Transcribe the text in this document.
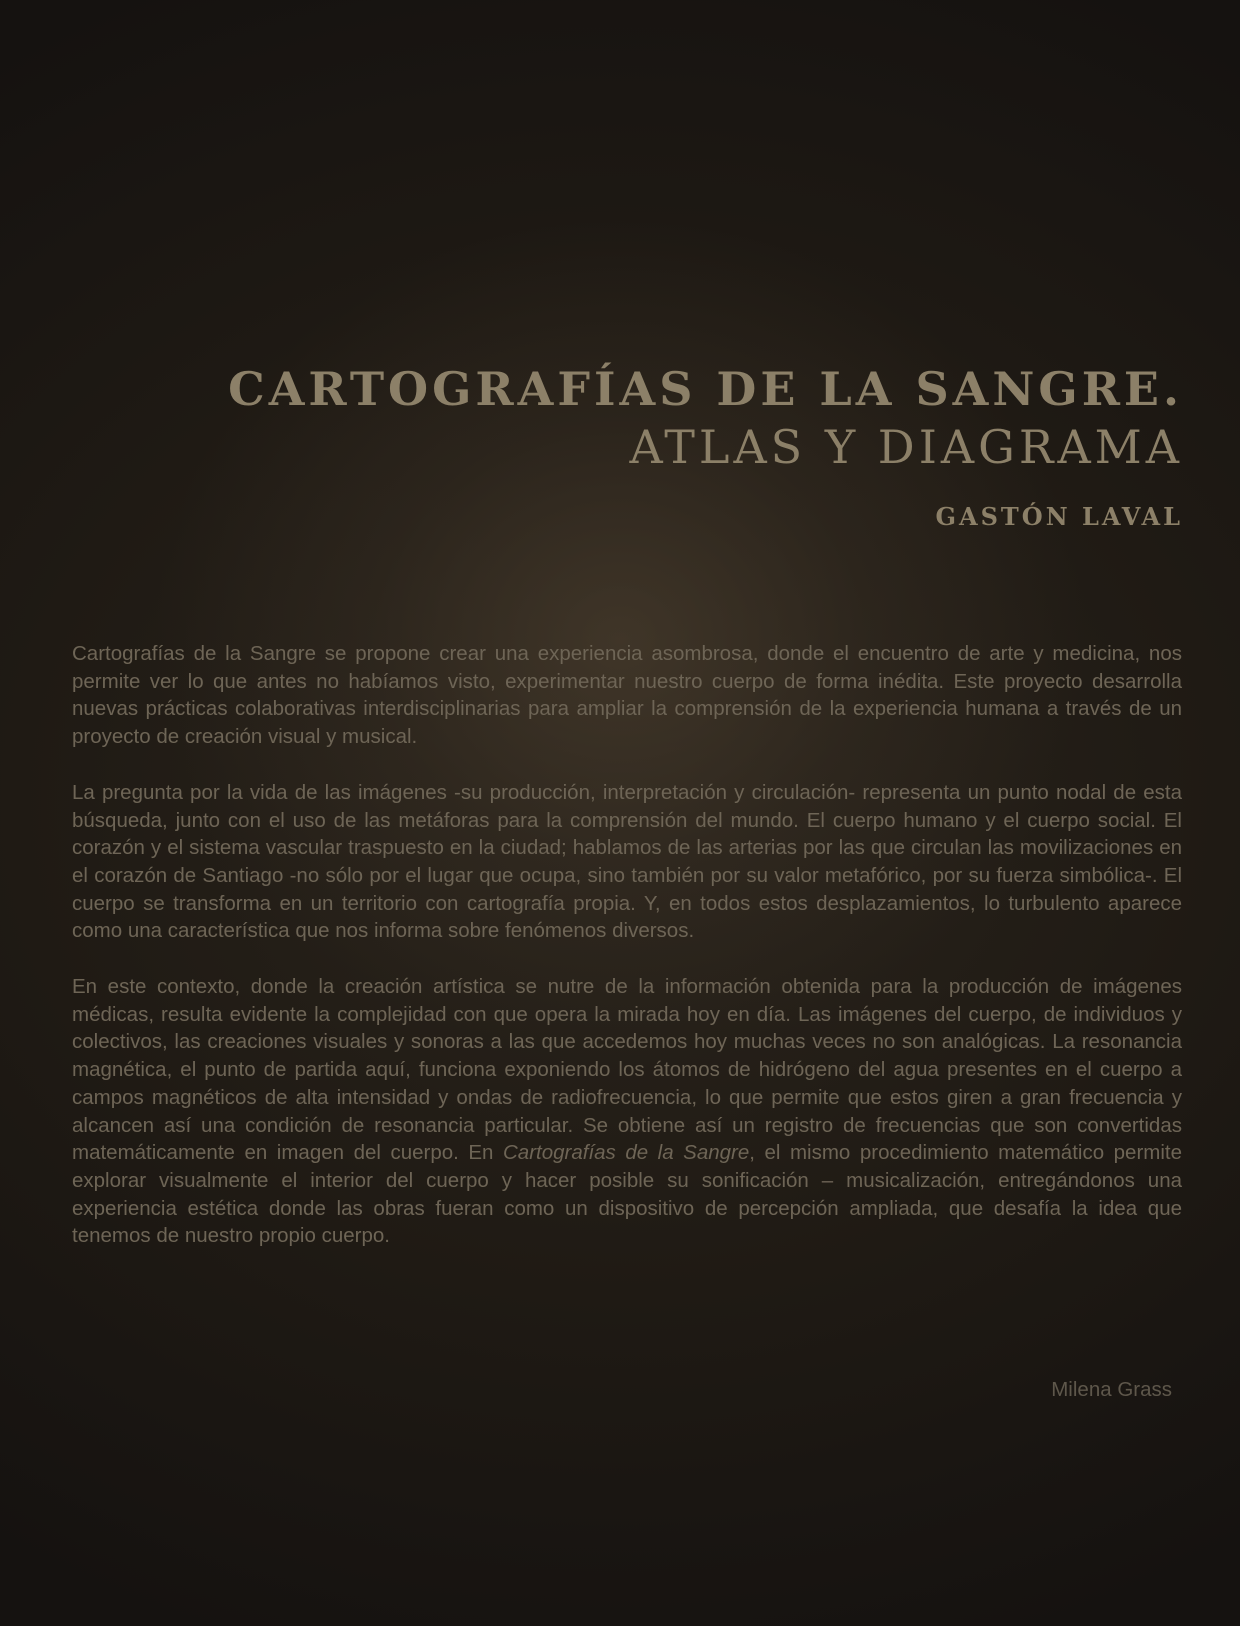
CARTOGRAFÍAS DE LA SANGRE.
ATLAS Y DIAGRAMA
GASTÓN LAVAL

Cartografías de la Sangre se propone crear una experiencia asombrosa, donde el encuentro de arte y medicina, nos permite ver lo que antes no habíamos visto, experimentar nuestro cuerpo de forma inédita. Este proyecto desarrolla nuevas prácticas colaborativas interdisciplinarias para ampliar la comprensión de la experiencia humana a través de un proyecto de creación visual y musical.

La pregunta por la vida de las imágenes -su producción, interpretación y circulación- representa un punto nodal de esta búsqueda, junto con el uso de las metáforas para la comprensión del mundo. El cuerpo humano y el cuerpo social. El corazón y el sistema vascular traspuesto en la ciudad; hablamos de las arterias por las que circulan las movilizaciones en el corazón de Santiago -no sólo por el lugar que ocupa, sino también por su valor metafórico, por su fuerza simbólica-. El cuerpo se transforma en un territorio con cartografía propia. Y, en todos estos desplazamientos, lo turbulento aparece como una característica que nos informa sobre fenómenos diversos.

En este contexto, donde la creación artística se nutre de la información obtenida para la producción de imágenes médicas, resulta evidente la complejidad con que opera la mirada hoy en día. Las imágenes del cuerpo, de individuos y colectivos, las creaciones visuales y sonoras a las que accedemos hoy muchas veces no son analógicas. La resonancia magnética, el punto de partida aquí, funciona exponiendo los átomos de hidrógeno del agua presentes en el cuerpo a campos magnéticos de alta intensidad y ondas de radiofrecuencia, lo que permite que estos giren a gran frecuencia y alcancen así una condición de resonancia particular. Se obtiene así un registro de frecuencias que son convertidas matemáticamente en imagen del cuerpo. En Cartografías de la Sangre, el mismo procedimiento matemático permite explorar visualmente el interior del cuerpo y hacer posible su sonificación – musicalización, entregándonos una experiencia estética donde las obras fueran como un dispositivo de percepción ampliada, que desafía la idea que tenemos de nuestro propio cuerpo.

Milena Grass
